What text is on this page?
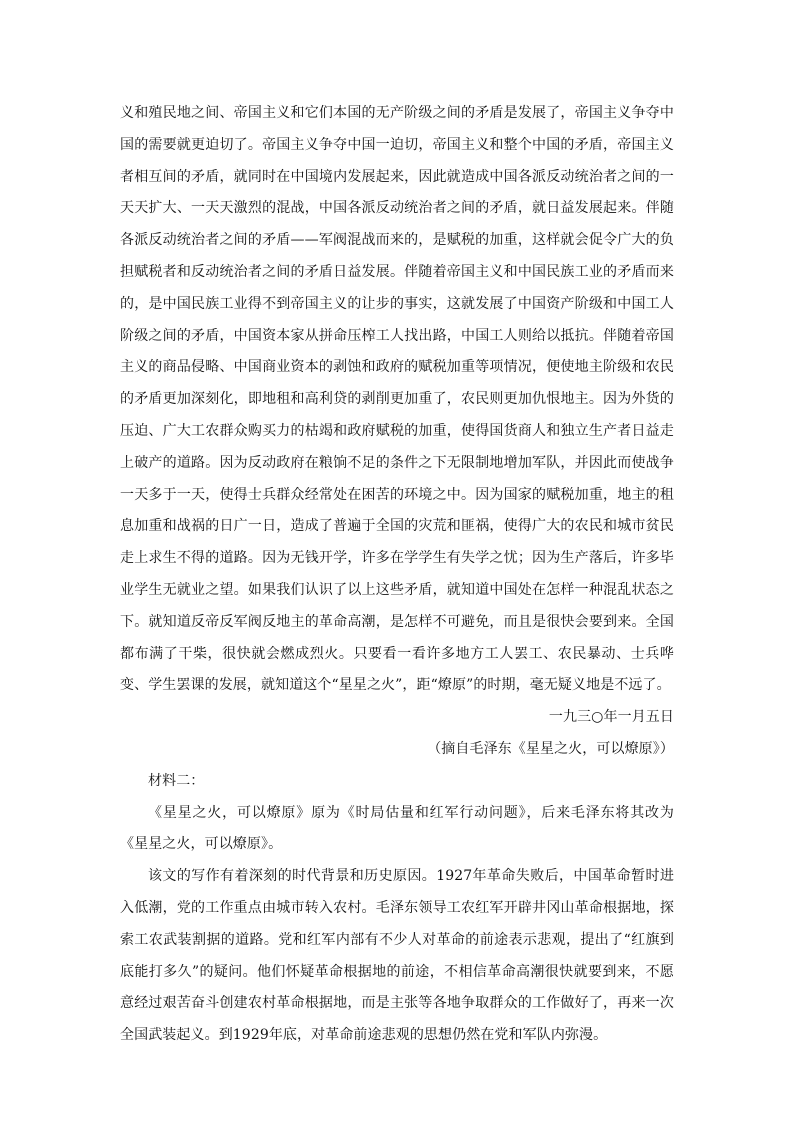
义和殖民地之间、帝国主义和它们本国的无产阶级之间的矛盾是发展了，帝国主义争夺中国的需要就更迫切了。帝国主义争夺中国一迫切，帝国主义和整个中国的矛盾，帝国主义者相互间的矛盾，就同时在中国境内发展起来，因此就造成中国各派反动统治者之间的一天天扩大、一天天激烈的混战，中国各派反动统治者之间的矛盾，就日益发展起来。伴随各派反动统治者之间的矛盾——军阀混战而来的，是赋税的加重，这样就会促令广大的负担赋税者和反动统治者之间的矛盾日益发展。伴随着帝国主义和中国民族工业的矛盾而来的，是中国民族工业得不到帝国主义的让步的事实，这就发展了中国资产阶级和中国工人阶级之间的矛盾，中国资本家从拼命压榨工人找出路，中国工人则给以抵抗。伴随着帝国主义的商品侵略、中国商业资本的剥蚀和政府的赋税加重等项情况，便使地主阶级和农民的矛盾更加深刻化，即地租和高利贷的剥削更加重了，农民则更加仇恨地主。因为外货的压迫、广大工农群众购买力的枯竭和政府赋税的加重，使得国货商人和独立生产者日益走上破产的道路。因为反动政府在粮饷不足的条件之下无限制地增加军队，并因此而使战争一天多于一天，使得士兵群众经常处在困苦的环境之中。因为国家的赋税加重，地主的租息加重和战祸的日广一日，造成了普遍于全国的灾荒和匪祸，使得广大的农民和城市贫民走上求生不得的道路。因为无钱开学，许多在学学生有失学之忧；因为生产落后，许多毕业学生无就业之望。如果我们认识了以上这些矛盾，就知道中国处在怎样一种混乱状态之下。就知道反帝反军阀反地主的革命高潮，是怎样不可避免，而且是很快会要到来。全国都布满了干柴，很快就会燃成烈火。只要看一看许多地方工人罢工、农民暴动、士兵哗变、学生罢课的发展，就知道这个“星星之火”，距“燎原”的时期，毫无疑义地是不远了。

一九三○年一月五日

（摘自毛泽东《星星之火，可以燎原》）

材料二：

《星星之火，可以燎原》原为《时局估量和红军行动问题》，后来毛泽东将其改为《星星之火，可以燎原》。

该文的写作有着深刻的时代背景和历史原因。1927年革命失败后，中国革命暂时进入低潮，党的工作重点由城市转入农村。毛泽东领导工农红军开辟井冈山革命根据地，探索工农武装割据的道路。党和红军内部有不少人对革命的前途表示悲观，提出了“红旗到底能打多久”的疑问。他们怀疑革命根据地的前途，不相信革命高潮很快就要到来，不愿意经过艰苦奋斗创建农村革命根据地，而是主张等各地争取群众的工作做好了，再来一次全国武装起义。到1929年底，对革命前途悲观的思想仍然在党和军队内弥漫。
